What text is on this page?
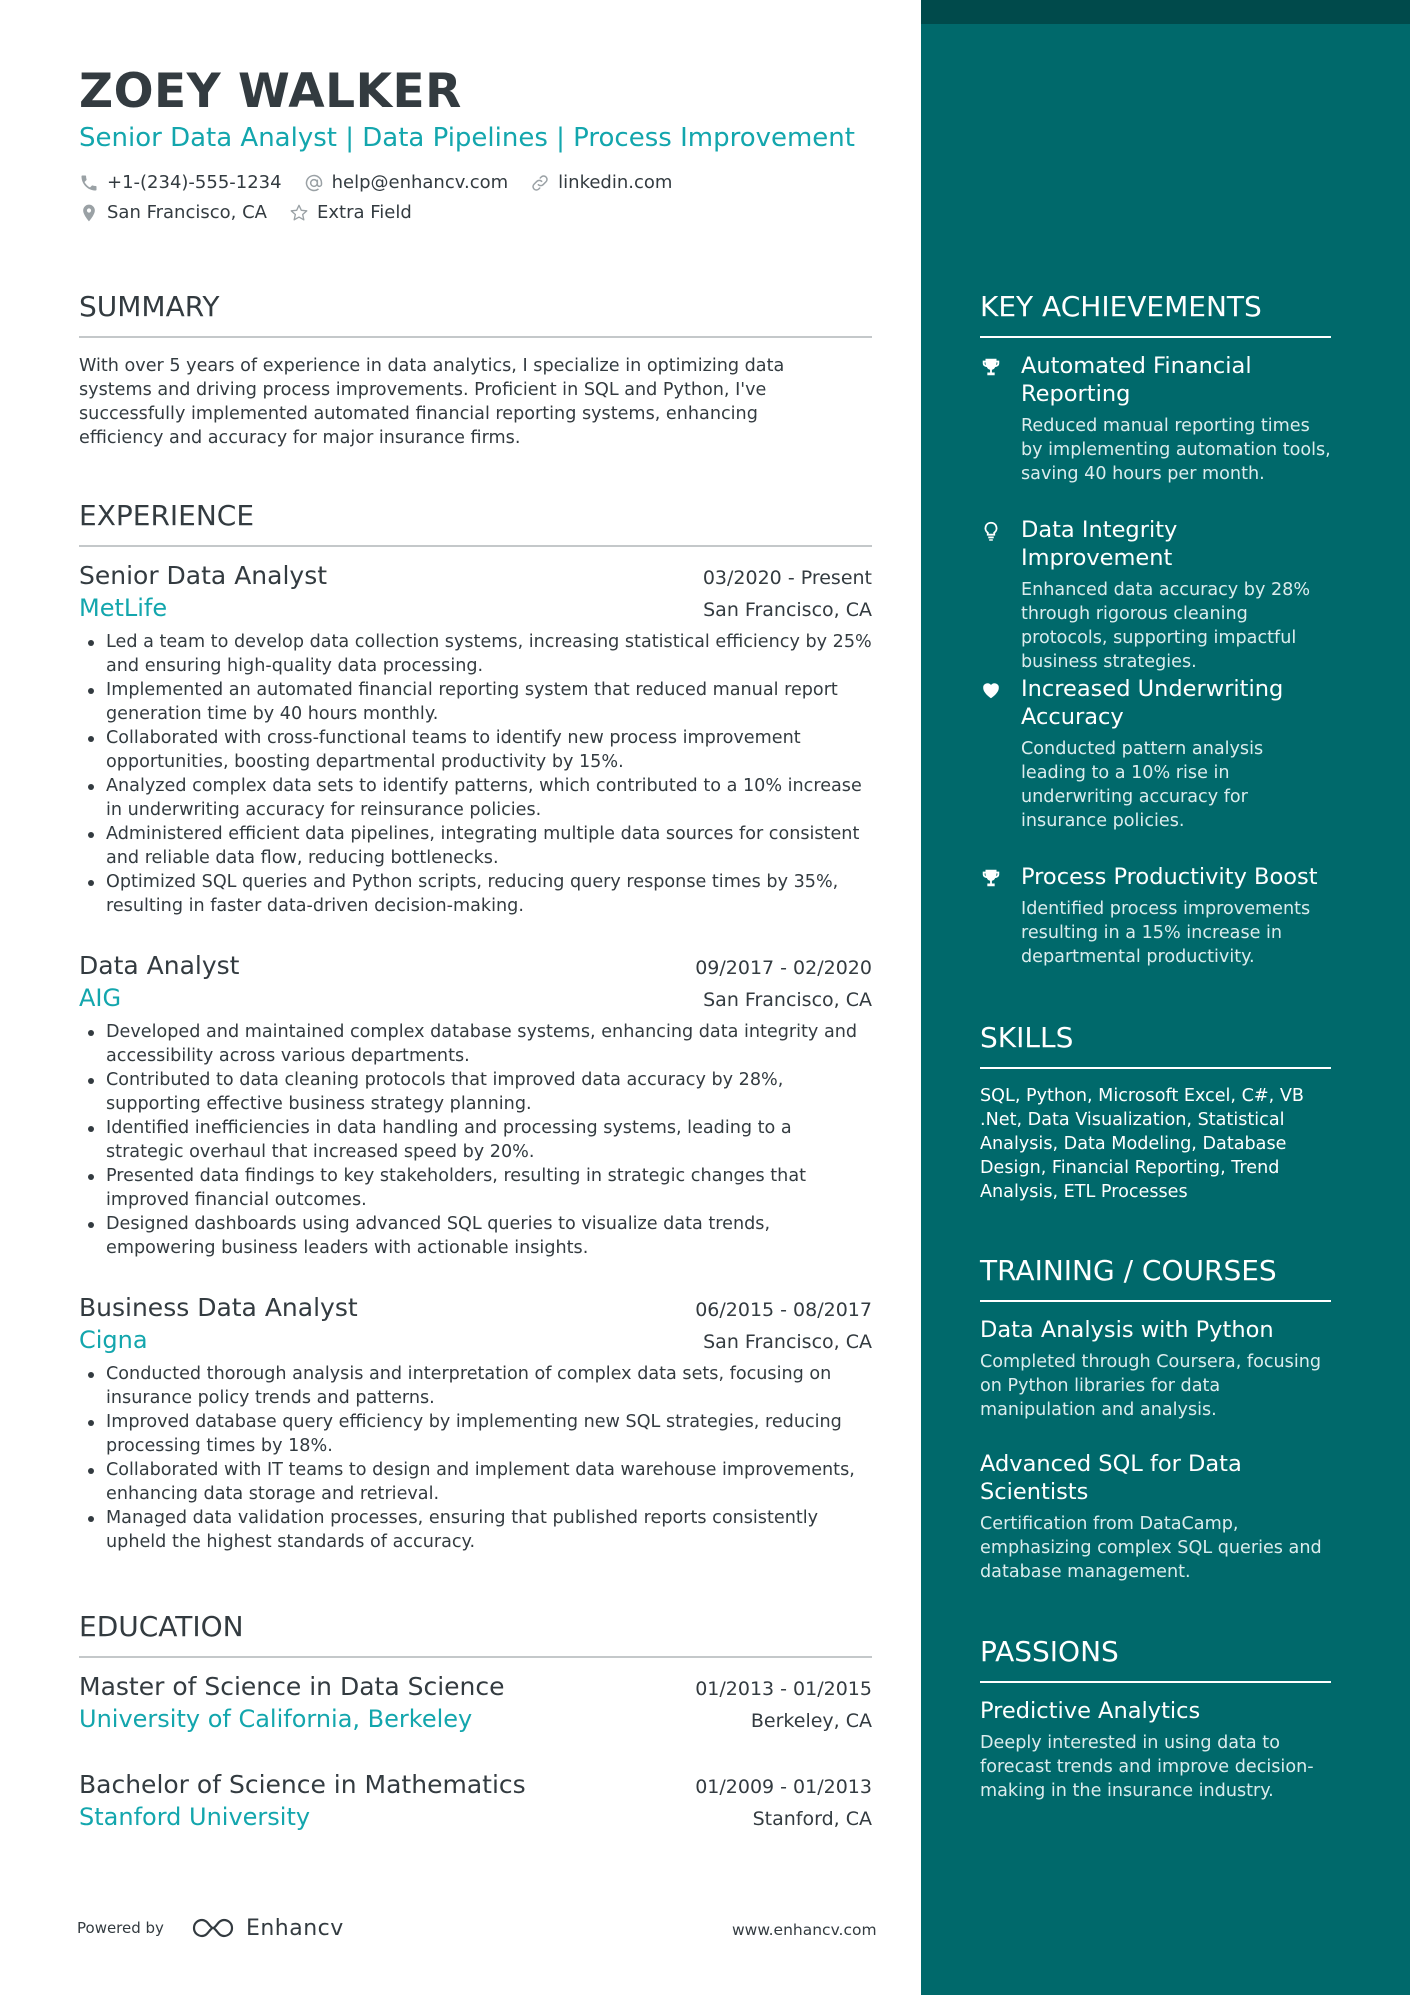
ZOEY WALKER
Senior Data Analyst | Data Pipelines | Process Improvement
+1-(234)-555-1234	help@enhancv.com	linkedin.com
San Francisco, CA	Extra Field
SUMMARY
With over 5 years of experience in data analytics, I specialize in optimizing data systems and driving process improvements. Proficient in SQL and Python, I've successfully implemented automated financial reporting systems, enhancing efficiency and accuracy for major insurance firms.
EXPERIENCE
Senior Data Analyst	03/2020 - Present
MetLife	San Francisco, CA
Led a team to develop data collection systems, increasing statistical efficiency by 25% and ensuring high-quality data processing.
Implemented an automated financial reporting system that reduced manual report generation time by 40 hours monthly.
Collaborated with cross-functional teams to identify new process improvement opportunities, boosting departmental productivity by 15%.
Analyzed complex data sets to identify patterns, which contributed to a 10% increase in underwriting accuracy for reinsurance policies.
Administered efficient data pipelines, integrating multiple data sources for consistent and reliable data flow, reducing bottlenecks.
Optimized SQL queries and Python scripts, reducing query response times by 35%, resulting in faster data-driven decision-making.
Data Analyst	09/2017 - 02/2020
AIG	San Francisco, CA
Developed and maintained complex database systems, enhancing data integrity and accessibility across various departments.
Contributed to data cleaning protocols that improved data accuracy by 28%, supporting effective business strategy planning.
Identified inefficiencies in data handling and processing systems, leading to a strategic overhaul that increased speed by 20%.
Presented data findings to key stakeholders, resulting in strategic changes that improved financial outcomes.
Designed dashboards using advanced SQL queries to visualize data trends, empowering business leaders with actionable insights.
Business Data Analyst	06/2015 - 08/2017
Cigna	San Francisco, CA
Conducted thorough analysis and interpretation of complex data sets, focusing on insurance policy trends and patterns.
Improved database query efficiency by implementing new SQL strategies, reducing processing times by 18%.
Collaborated with IT teams to design and implement data warehouse improvements, enhancing data storage and retrieval.
Managed data validation processes, ensuring that published reports consistently upheld the highest standards of accuracy.
EDUCATION
Master of Science in Data Science	01/2013 - 01/2015
University of California, Berkeley	Berkeley, CA
Bachelor of Science in Mathematics	01/2009 - 01/2013
Stanford University	Stanford, CA
KEY ACHIEVEMENTS
Automated Financial Reporting
Reduced manual reporting times by implementing automation tools, saving 40 hours per month.
Data Integrity Improvement
Enhanced data accuracy by 28% through rigorous cleaning protocols, supporting impactful business strategies.
Increased Underwriting Accuracy
Conducted pattern analysis leading to a 10% rise in underwriting accuracy for insurance policies.
Process Productivity Boost
Identified process improvements resulting in a 15% increase in departmental productivity.
SKILLS
SQL, Python, Microsoft Excel, C#, VB .Net, Data Visualization, Statistical Analysis, Data Modeling, Database Design, Financial Reporting, Trend Analysis, ETL Processes
TRAINING / COURSES
Data Analysis with Python
Completed through Coursera, focusing on Python libraries for data manipulation and analysis.
Advanced SQL for Data Scientists
Certification from DataCamp, emphasizing complex SQL queries and database management.
PASSIONS
Predictive Analytics
Deeply interested in using data to forecast trends and improve decision-making in the insurance industry.
Powered by	Enhancv	www.enhancv.com
